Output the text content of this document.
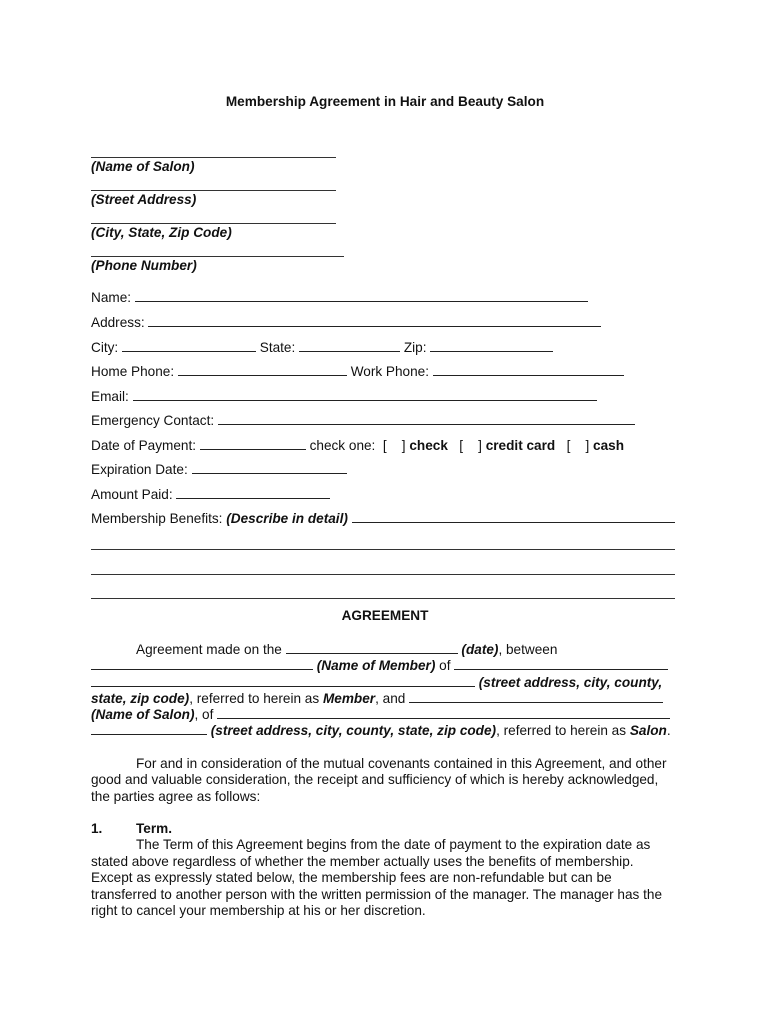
Membership Agreement in Hair and Beauty Salon
(Name of Salon)
(Street Address)
(City, State, Zip Code)
(Phone Number)
Name:
Address:
City:	State:	Zip:
Home Phone:	Work Phone:
Email:
Emergency Contact:
Date of Payment:	check one: [ ] check [ ] credit card [ ] cash
Expiration Date:
Amount Paid:
Membership Benefits: (Describe in detail)
AGREEMENT
Agreement made on the	(date), between
(Name of Member) of
(street address, city, county,
state, zip code), referred to herein as Member, and
(Name of Salon), of
(street address, city, county, state, zip code), referred to herein as Salon.
For and in consideration of the mutual covenants contained in this Agreement, and other
good and valuable consideration, the receipt and sufficiency of which is hereby acknowledged,
the parties agree as follows:
1. Term.
The Term of this Agreement begins from the date of payment to the expiration date as
stated above regardless of whether the member actually uses the benefits of membership.
Except as expressly stated below, the membership fees are non-refundable but can be
transferred to another person with the written permission of the manager. The manager has the
right to cancel your membership at his or her discretion.
